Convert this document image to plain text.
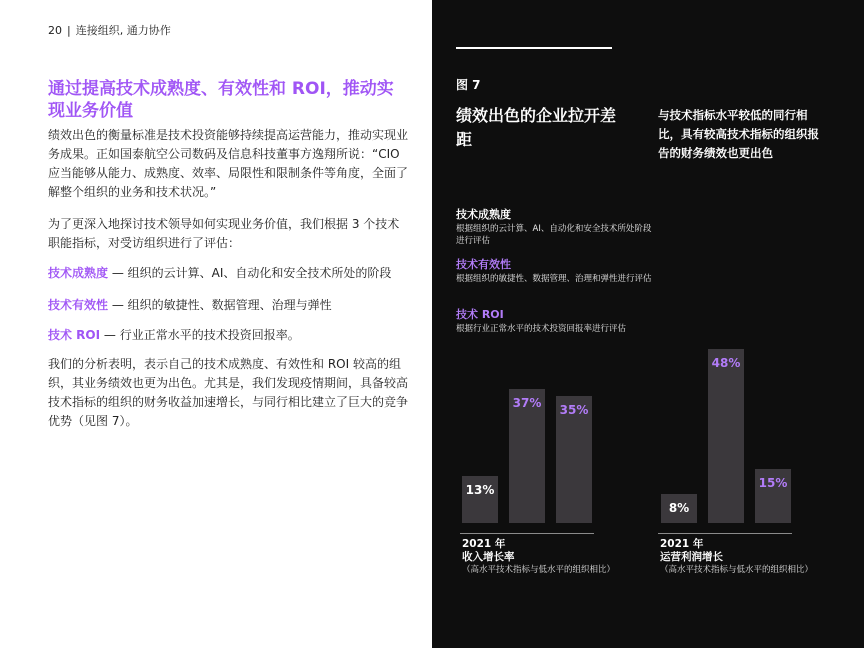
20 | 连接组织, 通力协作
通过提高技术成熟度、有效性和 ROI，推动实现业务价值
绩效出色的衡量标准是技术投资能够持续提高运营能力，推动实现业务成果。正如国泰航空公司数码及信息科技董事方逸翔所说：“CIO 应当能够从能力、成熟度、效率、局限性和限制条件等角度，全面了解整个组织的业务和技术状况。”
为了更深入地探讨技术领导如何实现业务价值，我们根据 3 个技术职能指标，对受访组织进行了评估：
技术成熟度 — 组织的云计算、AI、自动化和安全技术所处的阶段
技术有效性 — 组织的敏捷性、数据管理、治理与弹性
技术 ROI — 行业正常水平的技术投资回报率。
我们的分析表明，表示自己的技术成熟度、有效性和 ROI 较高的组织，其业务绩效也更为出色。尤其是，我们发现疫情期间，具备较高技术指标的组织的财务收益加速增长，与同行相比建立了巨大的竞争优势（见图 7）。
图 7
绩效出色的企业拉开差距
与技术指标水平较低的同行相比，具有较高技术指标的组织报告的财务绩效也更出色
技术成熟度
根据组织的云计算、AI、自动化和安全技术所处阶段进行评估
技术有效性
根据组织的敏捷性、数据管理、治理和弹性进行评估
技术 ROI
根据行业正常水平的技术投资回报率进行评估
13%
37%
35%
8%
48%
15%
2021 年
收入增长率
（高水平技术指标与低水平的组织相比）
2021 年
运营利润增长
（高水平技术指标与低水平的组织相比）
